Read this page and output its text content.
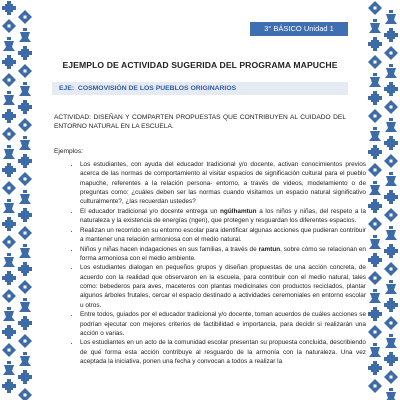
3° BÁSICO Unidad 1
EJEMPLO DE ACTIVIDAD SUGERIDA DEL PROGRAMA MAPUCHE
EJE: COSMOVISIÓN DE LOS PUEBLOS ORIGINARIOS
ACTIVIDAD: DISEÑAN Y COMPARTEN PROPUESTAS QUE CONTRIBUYEN AL CUIDADO DEL ENTORNO NATURAL EN LA ESCUELA.
Ejemplos:
• Los estudiantes, con ayuda del educador tradicional y/o docente, activan conocimientos previos acerca de las normas de comportamiento al visitar espacios de significación cultural para el pueblo mapuche, referentes a la relación persona- entorno, a través de videos, modelamiento o de preguntas como: ¿cuáles deben ser las normas cuando visitamos un espacio natural significativo culturalmente?, ¿las recuerdan ustedes?
• El educador tradicional y/o docente entrega un ngülhamtun a los niños y niñas, del respeto a la naturaleza y la existencia de energías (ngen), que protegen y resguardan los diferentes espacios.
• Realizan un recorrido en su entorno escolar para identificar algunas acciones que pudieran contribuir a mantener una relación armoniosa con el medio natural.
• Niños y niñas hacen indagaciones en sus familias, a través de ramtun, sobre cómo se relacionan en forma armoniosa con el medio ambiente.
• Los estudiantes dialogan en pequeños grupos y diseñan propuestas de una acción concreta, de acuerdo con la realidad que observaron en la escuela, para contribuir con el medio natural, tales como: bebederos para aves, maceteros con plantas medicinales con productos reciclados, plantar algunos árboles frutales, cercar el espacio destinado a actividades ceremoniales en entorno escolar u otros.
• Entre todos, guiados por el educador tradicional y/o docente, toman acuerdos de cuáles acciones se podrían ejecutar con mejores criterios de factibilidad e importancia, para decidir si realizarán una acción o varias.
• Los estudiantes en un acto de la comunidad escolar presentan su propuesta concluida, describiendo de qué forma esta acción contribuye al resguardo de la armonía con la naturaleza. Una vez aceptada la iniciativa, ponen una fecha y convocan a todos a realizar la
